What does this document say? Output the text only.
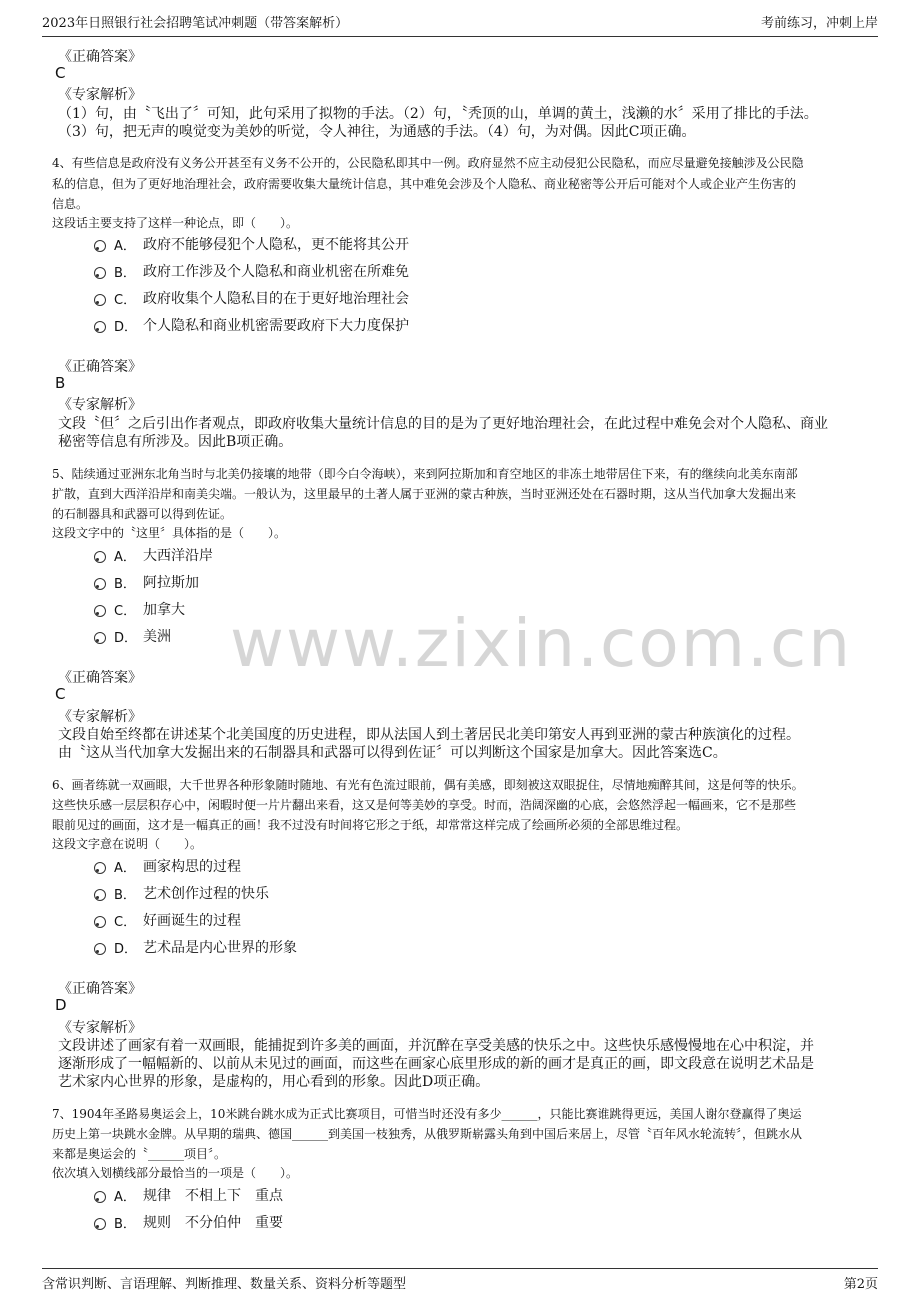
2023年日照银行社会招聘笔试冲刺题（带答案解析）	考前练习，冲刺上岸
www.zixin.com.cn
《正确答案》
C
《专家解析》
（1）句，由〝飞出了〞可知，此句采用了拟物的手法。（2）句，〝秃顶的山，单调的黄土，浅濑的水〞采用了排比的手法。
（3）句，把无声的嗅觉变为美妙的听觉，令人神往，为通感的手法。（4）句，为对偶。因此C项正确。
4、有些信息是政府没有义务公开甚至有义务不公开的，公民隐私即其中一例。政府显然不应主动侵犯公民隐私，而应尽量避免接触涉及公民隐
私的信息，但为了更好地治理社会，政府需要收集大量统计信息，其中难免会涉及个人隐私、商业秘密等公开后可能对个人或企业产生伤害的
信息。
这段话主要支持了这样一种论点，即（　　）。
A． 政府不能够侵犯个人隐私，更不能将其公开
B． 政府工作涉及个人隐私和商业机密在所难免
C． 政府收集个人隐私目的在于更好地治理社会
D． 个人隐私和商业机密需要政府下大力度保护
《正确答案》
B
《专家解析》
文段〝但〞之后引出作者观点，即政府收集大量统计信息的目的是为了更好地治理社会，在此过程中难免会对个人隐私、商业
秘密等信息有所涉及。因此B项正确。
5、陆续通过亚洲东北角当时与北美仍接壤的地带（即今白令海峡），来到阿拉斯加和育空地区的非冻土地带居住下来，有的继续向北美东南部
扩散，直到大西洋沿岸和南美尖端。一般认为，这里最早的土著人属于亚洲的蒙古种族，当时亚洲还处在石器时期，这从当代加拿大发掘出来
的石制器具和武器可以得到佐证。
这段文字中的〝这里〞具体指的是（　　）。
A． 大西洋沿岸
B． 阿拉斯加
C． 加拿大
D． 美洲
《正确答案》
C
《专家解析》
文段自始至终都在讲述某个北美国度的历史进程，即从法国人到土著居民北美印第安人再到亚洲的蒙古种族演化的过程。
由〝这从当代加拿大发掘出来的石制器具和武器可以得到佐证〞可以判断这个国家是加拿大。因此答案选C。
6、画者练就一双画眼，大千世界各种形象随时随地、有光有色流过眼前，偶有美感，即刻被这双眼捉住，尽情地痴醉其间，这是何等的快乐。
这些快乐感一层层积存心中，闲暇时便一片片翻出来看，这又是何等美妙的享受。时而，浩阔深幽的心底，会悠然浮起一幅画来，它不是那些
眼前见过的画面，这才是一幅真正的画！我不过没有时间将它形之于纸，却常常这样完成了绘画所必须的全部思维过程。
这段文字意在说明（　　）。
A． 画家构思的过程
B． 艺术创作过程的快乐
C． 好画诞生的过程
D． 艺术品是内心世界的形象
《正确答案》
D
《专家解析》
文段讲述了画家有着一双画眼，能捕捉到许多美的画面，并沉醉在享受美感的快乐之中。这些快乐感慢慢地在心中积淀，并
逐渐形成了一幅幅新的、以前从未见过的画面，而这些在画家心底里形成的新的画才是真正的画，即文段意在说明艺术品是
艺术家内心世界的形象，是虚构的，用心看到的形象。因此D项正确。
7、1904年圣路易奥运会上，10米跳台跳水成为正式比赛项目，可惜当时还没有多少______，只能比赛谁跳得更远，美国人谢尔登赢得了奥运
历史上第一块跳水金牌。从早期的瑞典、德国______到美国一枝独秀，从俄罗斯崭露头角到中国后来居上，尽管〝百年风水轮流转〞，但跳水从
来都是奥运会的〝______项目〞。
依次填入划横线部分最恰当的一项是（　　）。
A． 规律　不相上下　重点
B． 规则　不分伯仲　重要
含常识判断、言语理解、判断推理、数量关系、资料分析等题型	第2页
